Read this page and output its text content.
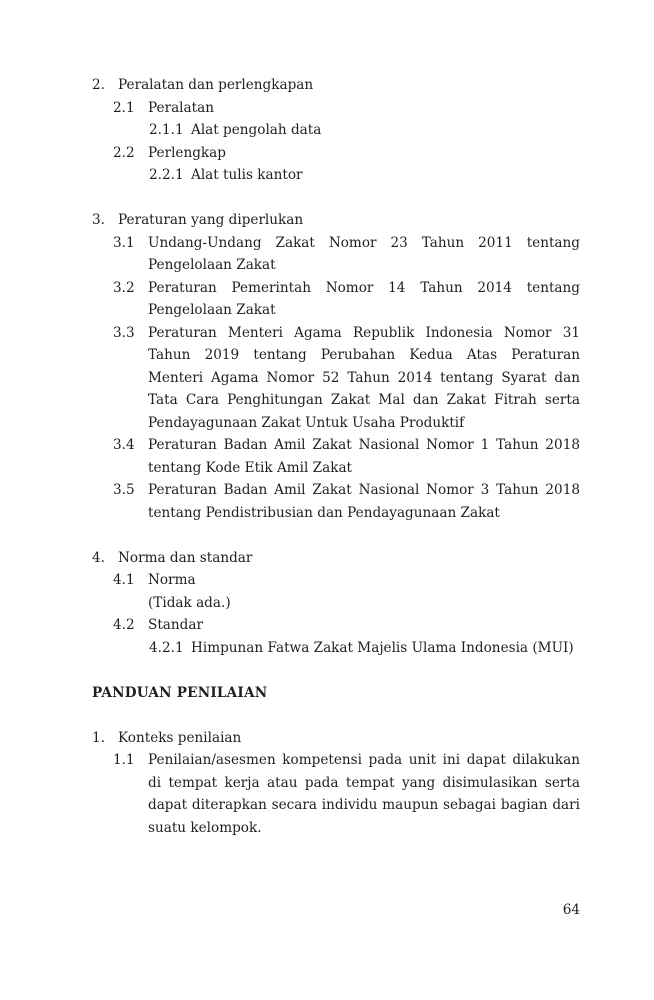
2. Peralatan dan perlengkapan
2.1 Peralatan
2.1.1 Alat pengolah data
2.2 Perlengkap
2.2.1 Alat tulis kantor
3. Peraturan yang diperlukan
3.1 Undang-Undang Zakat Nomor 23 Tahun 2011 tentang Pengelolaan Zakat
3.2 Peraturan Pemerintah Nomor 14 Tahun 2014 tentang Pengelolaan Zakat
3.3 Peraturan Menteri Agama Republik Indonesia Nomor 31 Tahun 2019 tentang Perubahan Kedua Atas Peraturan Menteri Agama Nomor 52 Tahun 2014 tentang Syarat dan Tata Cara Penghitungan Zakat Mal dan Zakat Fitrah serta Pendayagunaan Zakat Untuk Usaha Produktif
3.4 Peraturan Badan Amil Zakat Nasional Nomor 1 Tahun 2018 tentang Kode Etik Amil Zakat
3.5 Peraturan Badan Amil Zakat Nasional Nomor 3 Tahun 2018 tentang Pendistribusian dan Pendayagunaan Zakat
4. Norma dan standar
4.1 Norma
(Tidak ada.)
4.2 Standar
4.2.1 Himpunan Fatwa Zakat Majelis Ulama Indonesia (MUI)
PANDUAN PENILAIAN
1. Konteks penilaian
1.1 Penilaian/asesmen kompetensi pada unit ini dapat dilakukan di tempat kerja atau pada tempat yang disimulasikan serta dapat diterapkan secara individu maupun sebagai bagian dari suatu kelompok.
64
